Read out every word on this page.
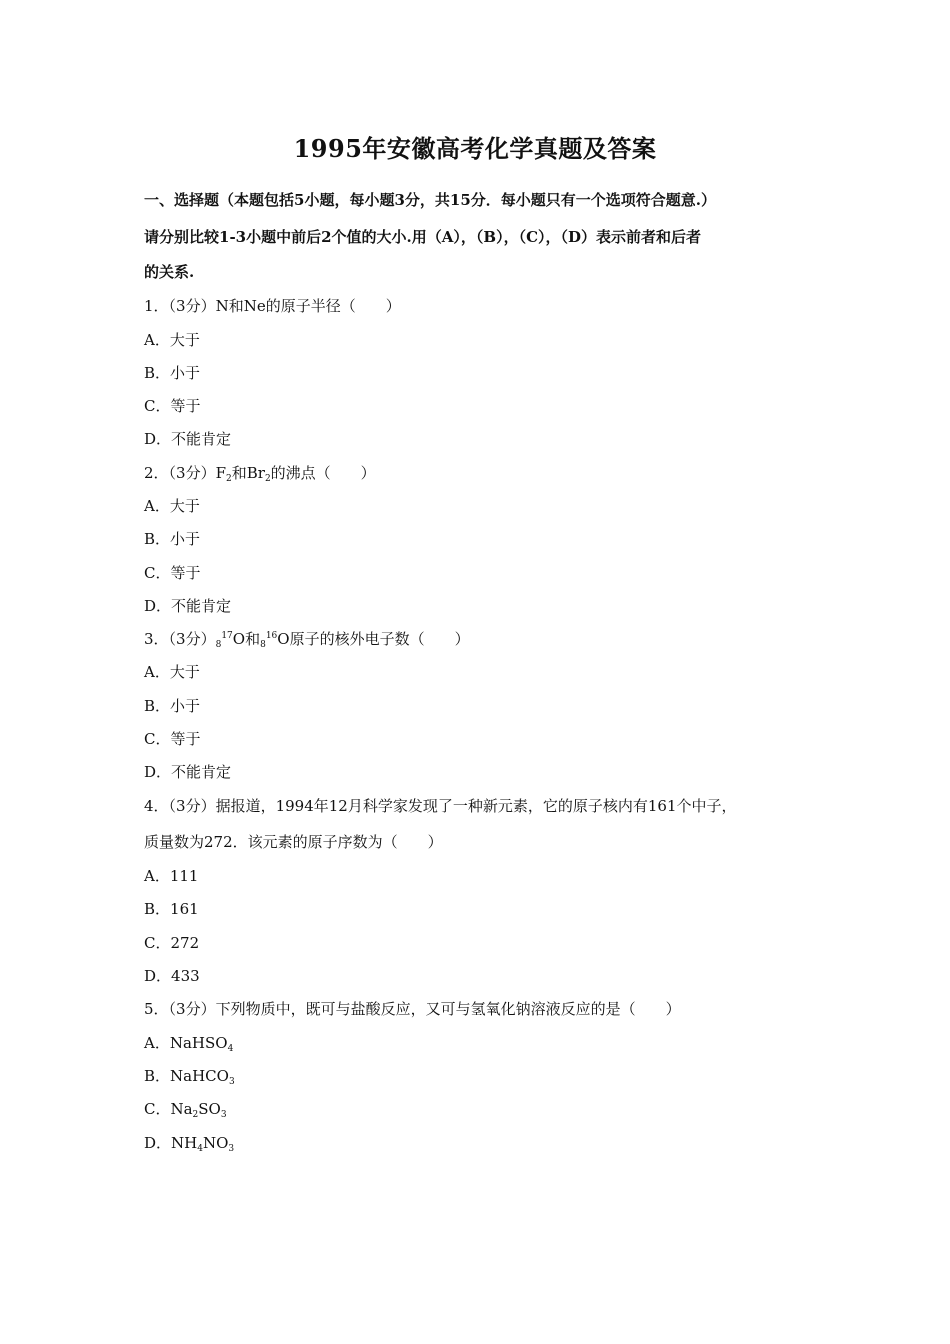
1995年安徽高考化学真题及答案
一、选择题（本题包括5小题，每小题3分，共15分．每小题只有一个选项符合题意.）
请分别比较1-3小题中前后2个值的大小.用（A），（B），（C），（D）表示前者和后者
的关系.
1．（3分）N和Ne的原子半径（　　）
A．大于
B．小于
C．等于
D．不能肯定
2．（3分）$F_2$和$Br_2$的沸点（　　）
A．大于
B．小于
C．等于
D．不能肯定
3．（3分）$_8^{17}O$和$_8^{16}$O原子的核外电子数（　　）
A．大于
B．小于
C．等于
D．不能肯定
4．（3分）据报道，1994年12月科学家发现了一种新元素，它的原子核内有161个中子，
质量数为272．该元素的原子序数为（　　）
A．111
B．161
C．272
D．433
5．（3分）下列物质中，既可与盐酸反应，又可与氢氧化钠溶液反应的是（　　）
A．NaHSO$_4$
B．NaHCO$_3$
C．$Na_2SO_3$
D．$NH_4NO_3$
